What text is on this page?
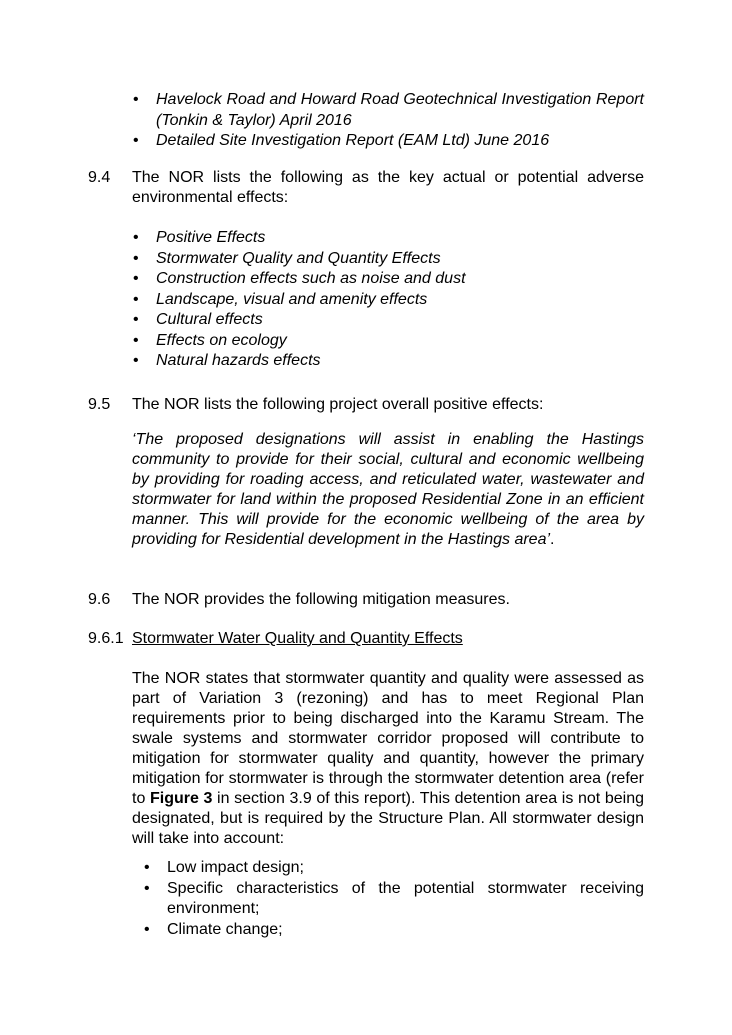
• Havelock Road and Howard Road Geotechnical Investigation Report (Tonkin & Taylor) April 2016
• Detailed Site Investigation Report (EAM Ltd) June 2016
9.4 The NOR lists the following as the key actual or potential adverse environmental effects:
• Positive Effects
• Stormwater Quality and Quantity Effects
• Construction effects such as noise and dust
• Landscape, visual and amenity effects
• Cultural effects
• Effects on ecology
• Natural hazards effects
9.5 The NOR lists the following project overall positive effects:
‘The proposed designations will assist in enabling the Hastings community to provide for their social, cultural and economic wellbeing by providing for roading access, and reticulated water, wastewater and stormwater for land within the proposed Residential Zone in an efficient manner. This will provide for the economic wellbeing of the area by providing for Residential development in the Hastings area’.
9.6 The NOR provides the following mitigation measures.
9.6.1 Stormwater Water Quality and Quantity Effects
The NOR states that stormwater quantity and quality were assessed as part of Variation 3 (rezoning) and has to meet Regional Plan requirements prior to being discharged into the Karamu Stream. The swale systems and stormwater corridor proposed will contribute to mitigation for stormwater quality and quantity, however the primary mitigation for stormwater is through the stormwater detention area (refer to Figure 3 in section 3.9 of this report). This detention area is not being designated, but is required by the Structure Plan. All stormwater design will take into account:
• Low impact design;
• Specific characteristics of the potential stormwater receiving environment;
• Climate change;
